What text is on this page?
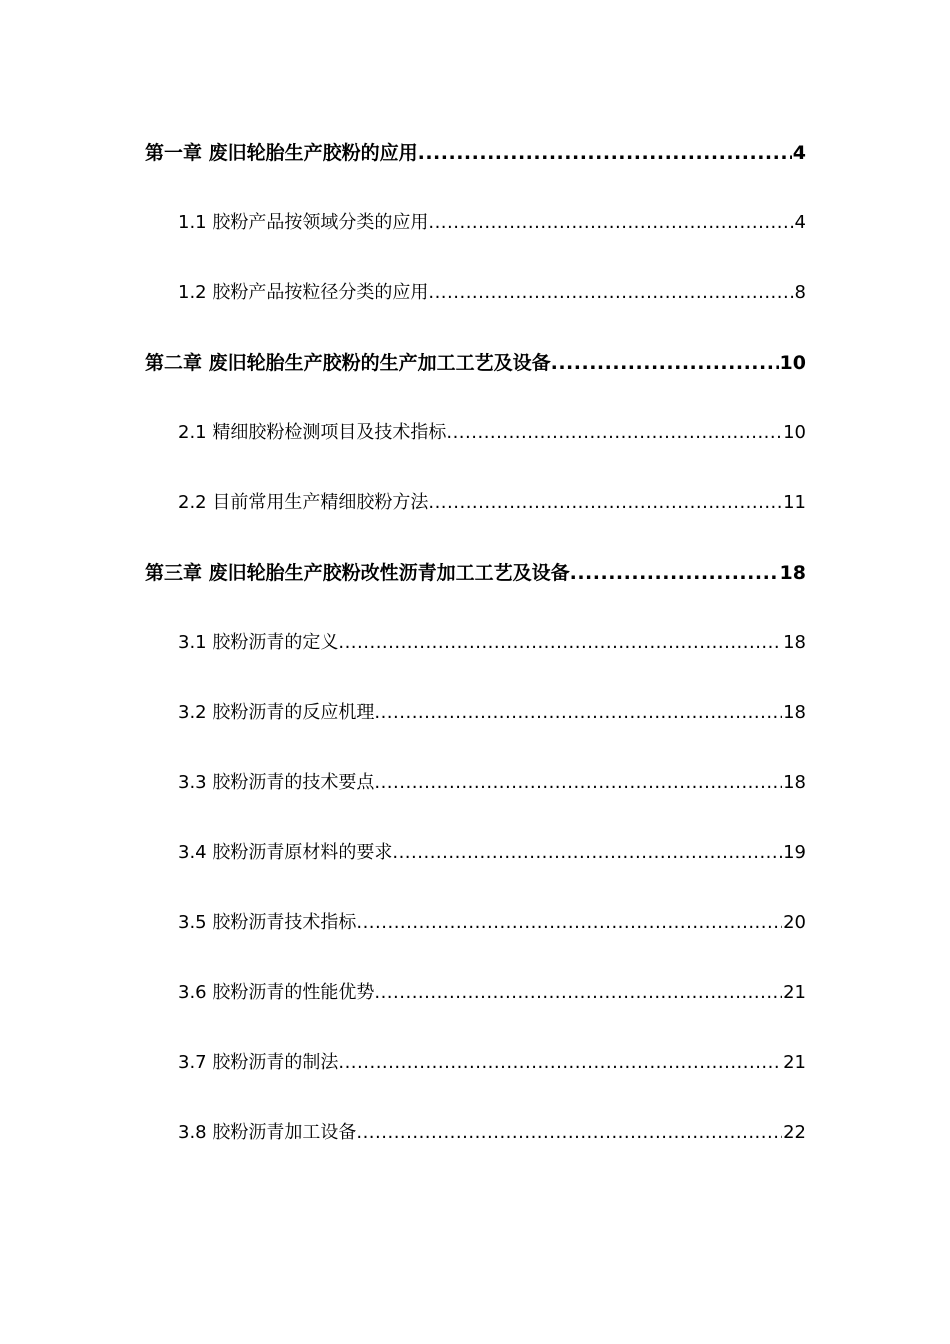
第一章 废旧轮胎生产胶粉的应用 .....	4
1.1 胶粉产品按领域分类的应用 .....	4
1.2 胶粉产品按粒径分类的应用 .....	8
第二章 废旧轮胎生产胶粉的生产加工工艺及设备 .....	10
2.1 精细胶粉检测项目及技术指标 .....	10
2.2 目前常用生产精细胶粉方法 .....	11
第三章 废旧轮胎生产胶粉改性沥青加工工艺及设备 .....	18
3.1 胶粉沥青的定义 .....	18
3.2 胶粉沥青的反应机理 .....	18
3.3 胶粉沥青的技术要点 .....	18
3.4 胶粉沥青原材料的要求 .....	19
3.5 胶粉沥青技术指标 .....	20
3.6 胶粉沥青的性能优势 .....	21
3.7 胶粉沥青的制法 .....	21
3.8 胶粉沥青加工设备 .....	22
